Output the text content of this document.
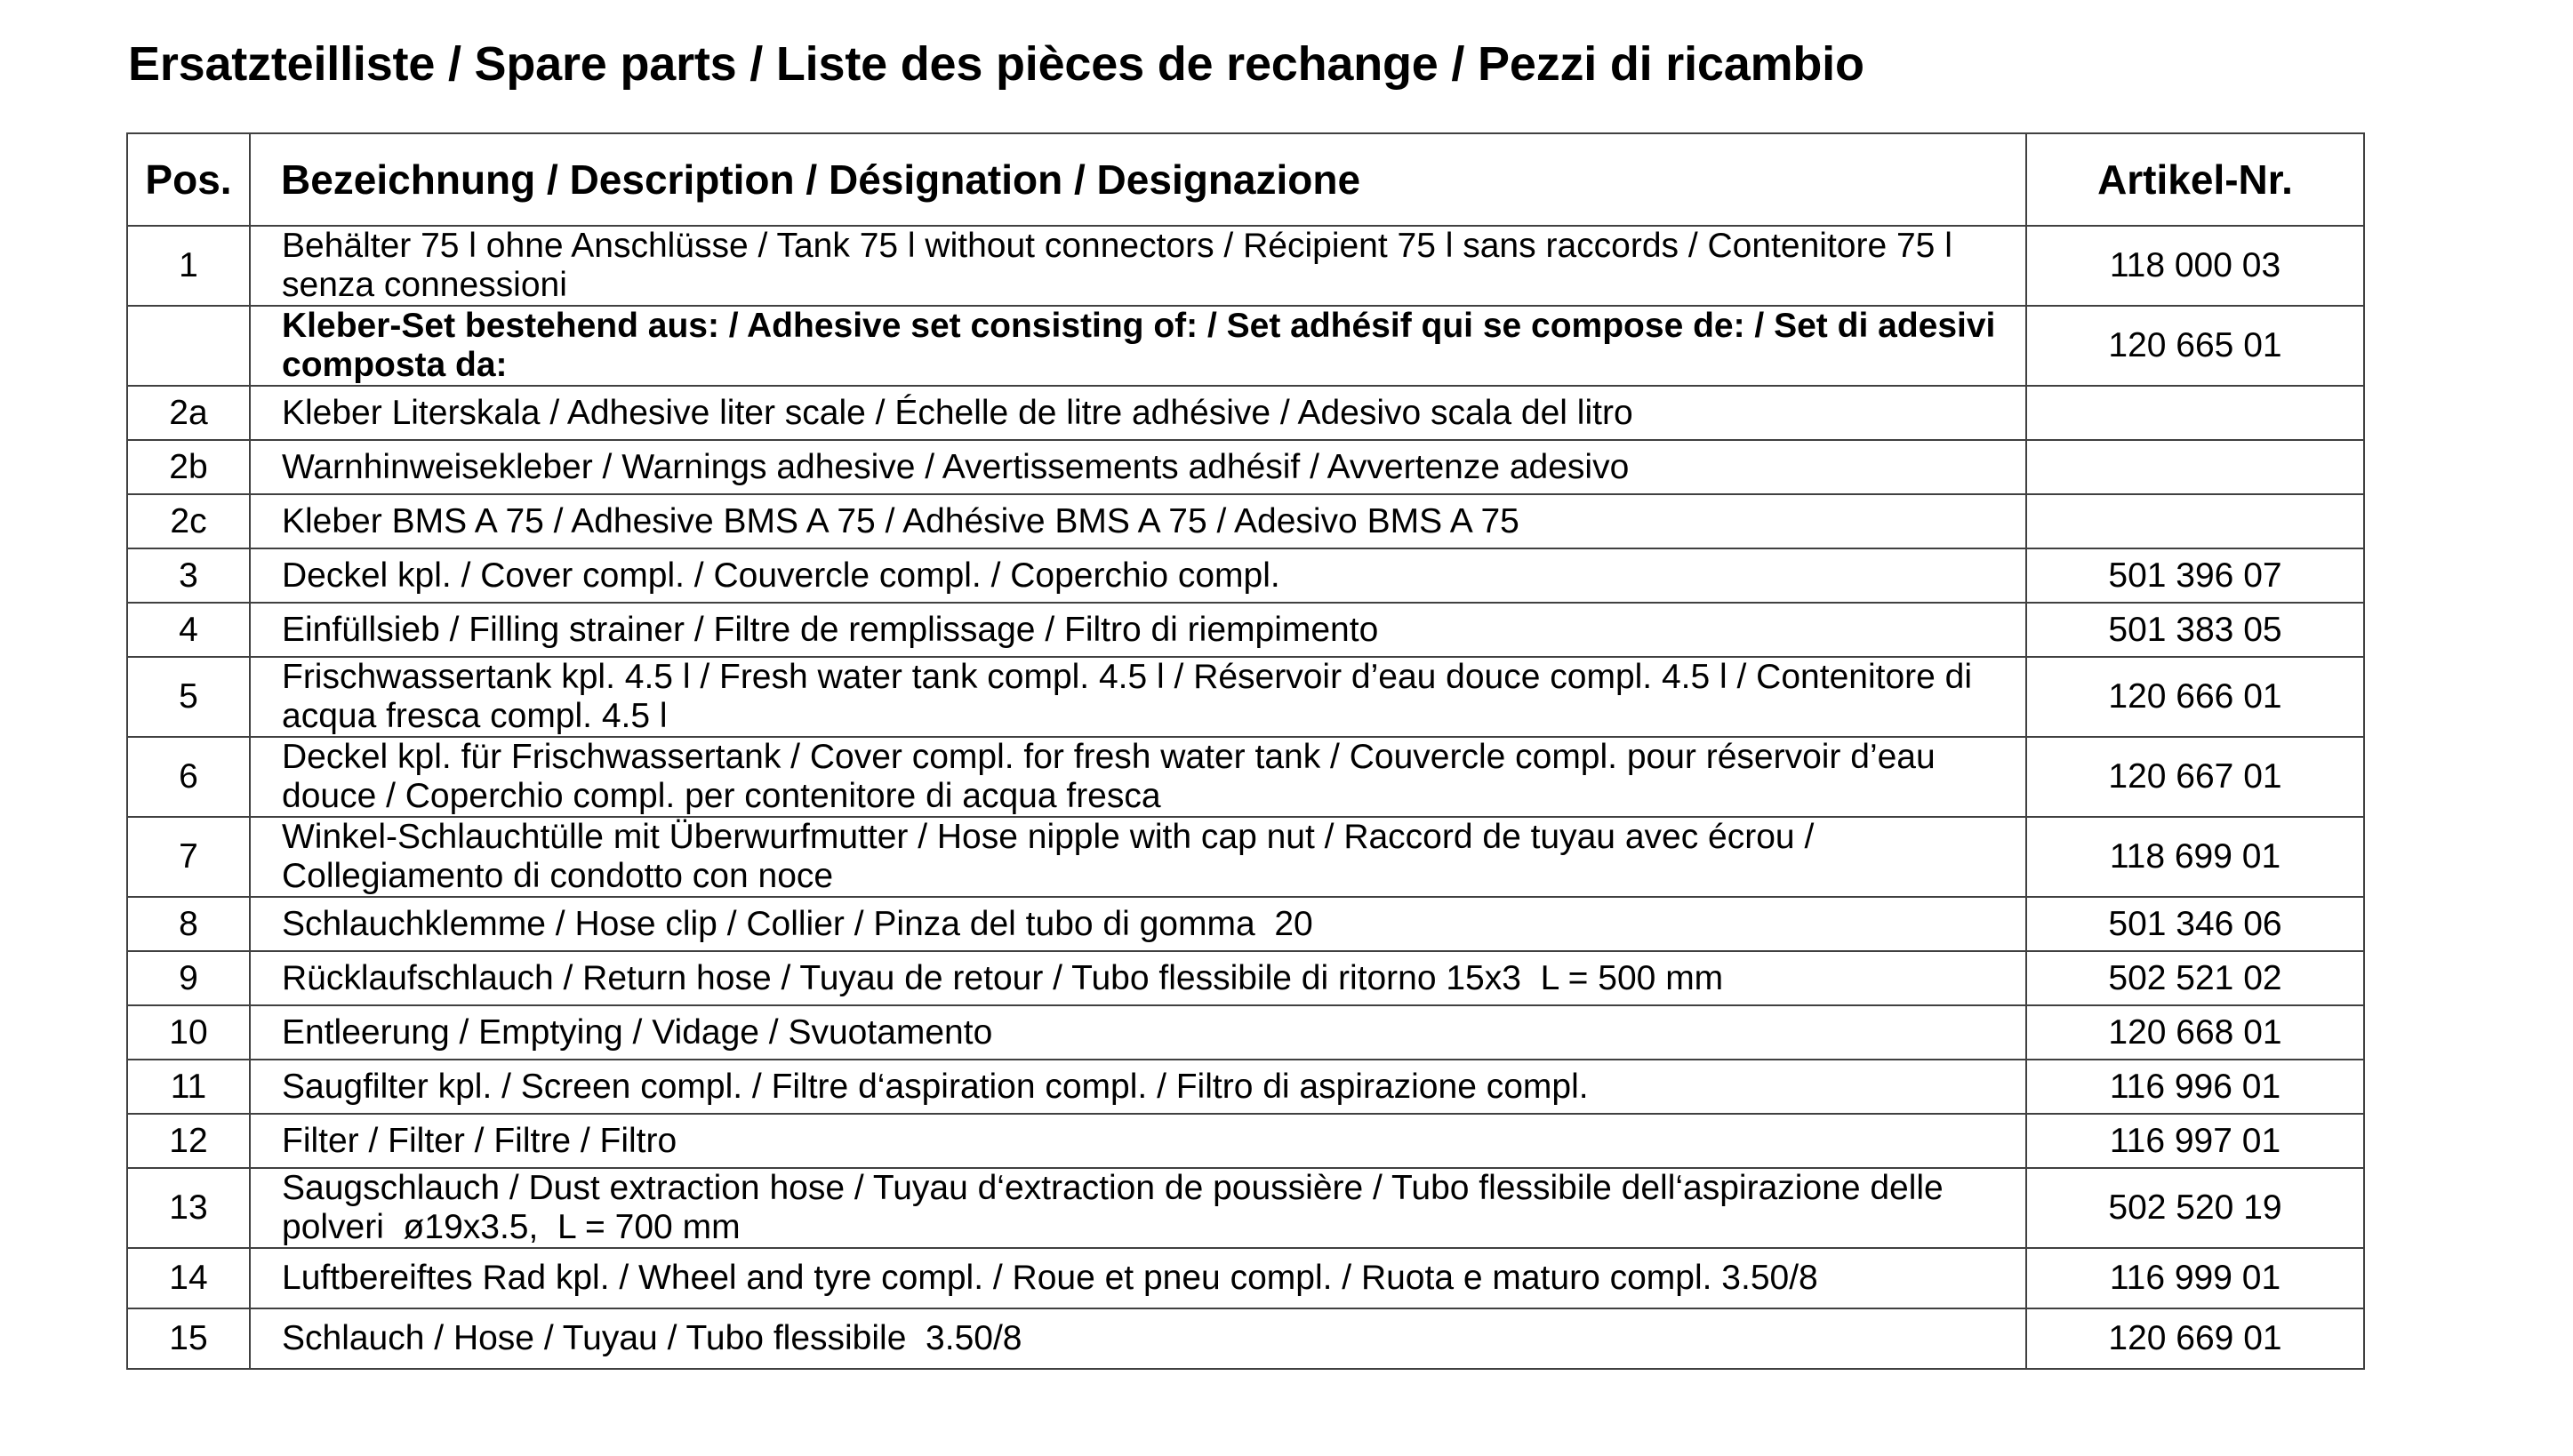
Ersatzteilliste / Spare parts / Liste des pièces de rechange / Pezzi di ricambio
Pos.	Bezeichnung / Description / Désignation / Designazione	Artikel-Nr.
1	Behälter 75 l ohne Anschlüsse / Tank 75 l without connectors / Récipient 75 l sans raccords / Contenitore 75 l senza connessioni	118 000 03
	Kleber-Set bestehend aus: / Adhesive set consisting of: / Set adhésif qui se compose de: / Set di adesivi composta da:	120 665 01
2a	Kleber Literskala / Adhesive liter scale / Échelle de litre adhésive / Adesivo scala del litro	
2b	Warnhinweisekleber / Warnings adhesive / Avertissements adhésif / Avvertenze adesivo	
2c	Kleber BMS A 75 / Adhesive BMS A 75 / Adhésive BMS A 75 / Adesivo BMS A 75	
3	Deckel kpl. / Cover compl. / Couvercle compl. / Coperchio compl.	501 396 07
4	Einfüllsieb / Filling strainer / Filtre de remplissage / Filtro di riempimento	501 383 05
5	Frischwassertank kpl. 4.5 l / Fresh water tank compl. 4.5 l / Réservoir d’eau douce compl. 4.5 l / Contenitore di acqua fresca compl. 4.5 l	120 666 01
6	Deckel kpl. für Frischwassertank / Cover compl. for fresh water tank / Couvercle compl. pour réservoir d’eau douce / Coperchio compl. per contenitore di acqua fresca	120 667 01
7	Winkel-Schlauchtülle mit Überwurfmutter / Hose nipple with cap nut / Raccord de tuyau avec écrou / Collegiamento di condotto con noce	118 699 01
8	Schlauchklemme / Hose clip / Collier / Pinza del tubo di gomma  20	501 346 06
9	Rücklaufschlauch / Return hose / Tuyau de retour / Tubo flessibile di ritorno 15x3  L = 500 mm	502 521 02
10	Entleerung / Emptying / Vidage / Svuotamento	120 668 01
11	Saugfilter kpl. / Screen compl. / Filtre d‘aspiration compl. / Filtro di aspirazione compl.	116 996 01
12	Filter / Filter / Filtre / Filtro	116 997 01
13	Saugschlauch / Dust extraction hose / Tuyau d‘extraction de poussière / Tubo flessibile dell‘aspirazione delle polveri  ø19x3.5,  L = 700 mm	502 520 19
14	Luftbereiftes Rad kpl. / Wheel and tyre compl. / Roue et pneu compl. / Ruota e maturo compl. 3.50/8	116 999 01
15	Schlauch / Hose / Tuyau / Tubo flessibile  3.50/8	120 669 01
